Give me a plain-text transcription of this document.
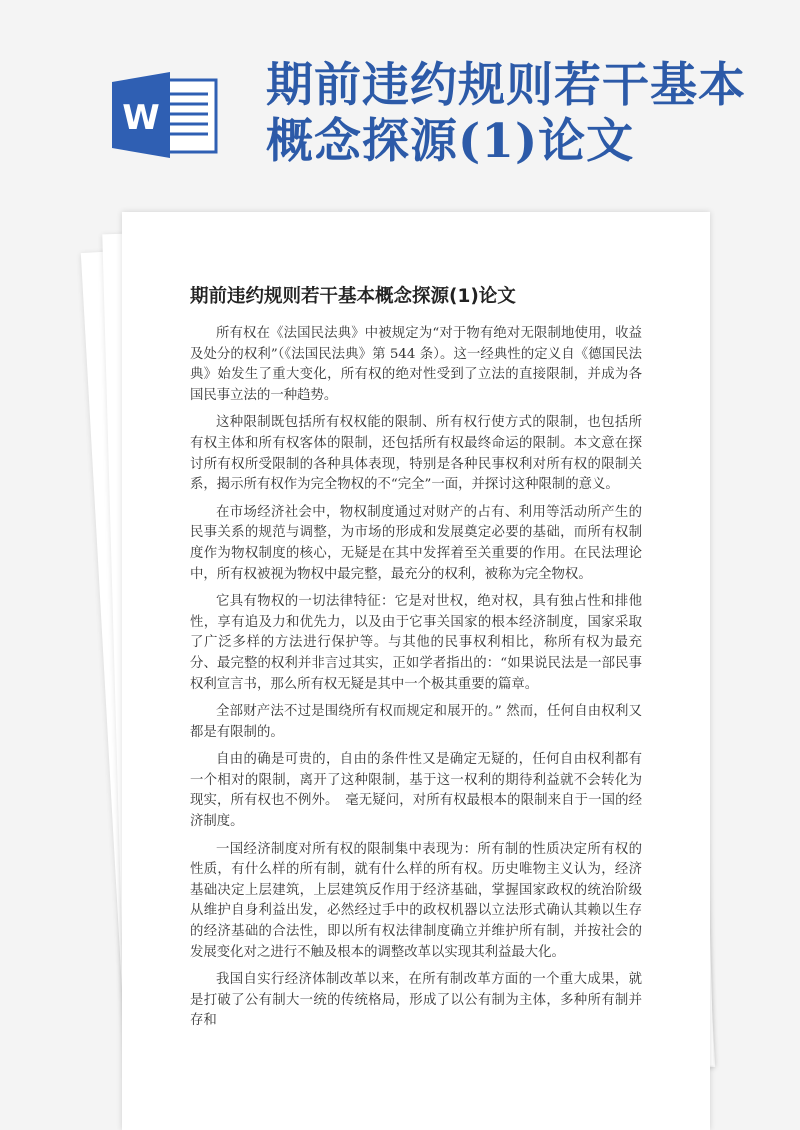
W
期前违约规则若干基本概念探源(1)论文
期前违约规则若干基本概念探源(1)论文

所有权在《法国民法典》中被规定为“对于物有绝对无限制地使用，收益及处分的权利”（《法国民法典》第 544 条）。这一经典性的定义自《德国民法典》始发生了重大变化，所有权的绝对性受到了立法的直接限制，并成为各国民事立法的一种趋势。

这种限制既包括所有权权能的限制、所有权行使方式的限制，也包括所有权主体和所有权客体的限制，还包括所有权最终命运的限制。本文意在探讨所有权所受限制的各种具体表现，特别是各种民事权利对所有权的限制关系，揭示所有权作为完全物权的不“完全”一面，并探讨这种限制的意义。

在市场经济社会中，物权制度通过对财产的占有、利用等活动所产生的民事关系的规范与调整，为市场的形成和发展奠定必要的基础，而所有权制度作为物权制度的核心，无疑是在其中发挥着至关重要的作用。在民法理论中，所有权被视为物权中最完整，最充分的权利，被称为完全物权。

它具有物权的一切法律特征：它是对世权，绝对权，具有独占性和排他性，享有追及力和优先力，以及由于它事关国家的根本经济制度，国家采取了广泛多样的方法进行保护等。与其他的民事权利相比，称所有权为最充分、最完整的权利并非言过其实，正如学者指出的：“如果说民法是一部民事权利宣言书，那么所有权无疑是其中一个极其重要的篇章。

全部财产法不过是围绕所有权而规定和展开的。” 然而，任何自由权利又都是有限制的。

自由的确是可贵的，自由的条件性又是确定无疑的，任何自由权利都有一个相对的限制，离开了这种限制，基于这一权利的期待利益就不会转化为现实，所有权也不例外。　毫无疑问，对所有权最根本的限制来自于一国的经济制度。

一国经济制度对所有权的限制集中表现为：所有制的性质决定所有权的性质，有什么样的所有制，就有什么样的所有权。历史唯物主义认为，经济基础决定上层建筑，上层建筑反作用于经济基础，掌握国家政权的统治阶级从维护自身利益出发，必然经过手中的政权机器以立法形式确认其赖以生存的经济基础的合法性，即以所有权法律制度确立并维护所有制，并按社会的发展变化对之进行不触及根本的调整改革以实现其利益最大化。

我国自实行经济体制改革以来，在所有制改革方面的一个重大成果，就是打破了公有制大一统的传统格局，形成了以公有制为主体，多种所有制并存和
